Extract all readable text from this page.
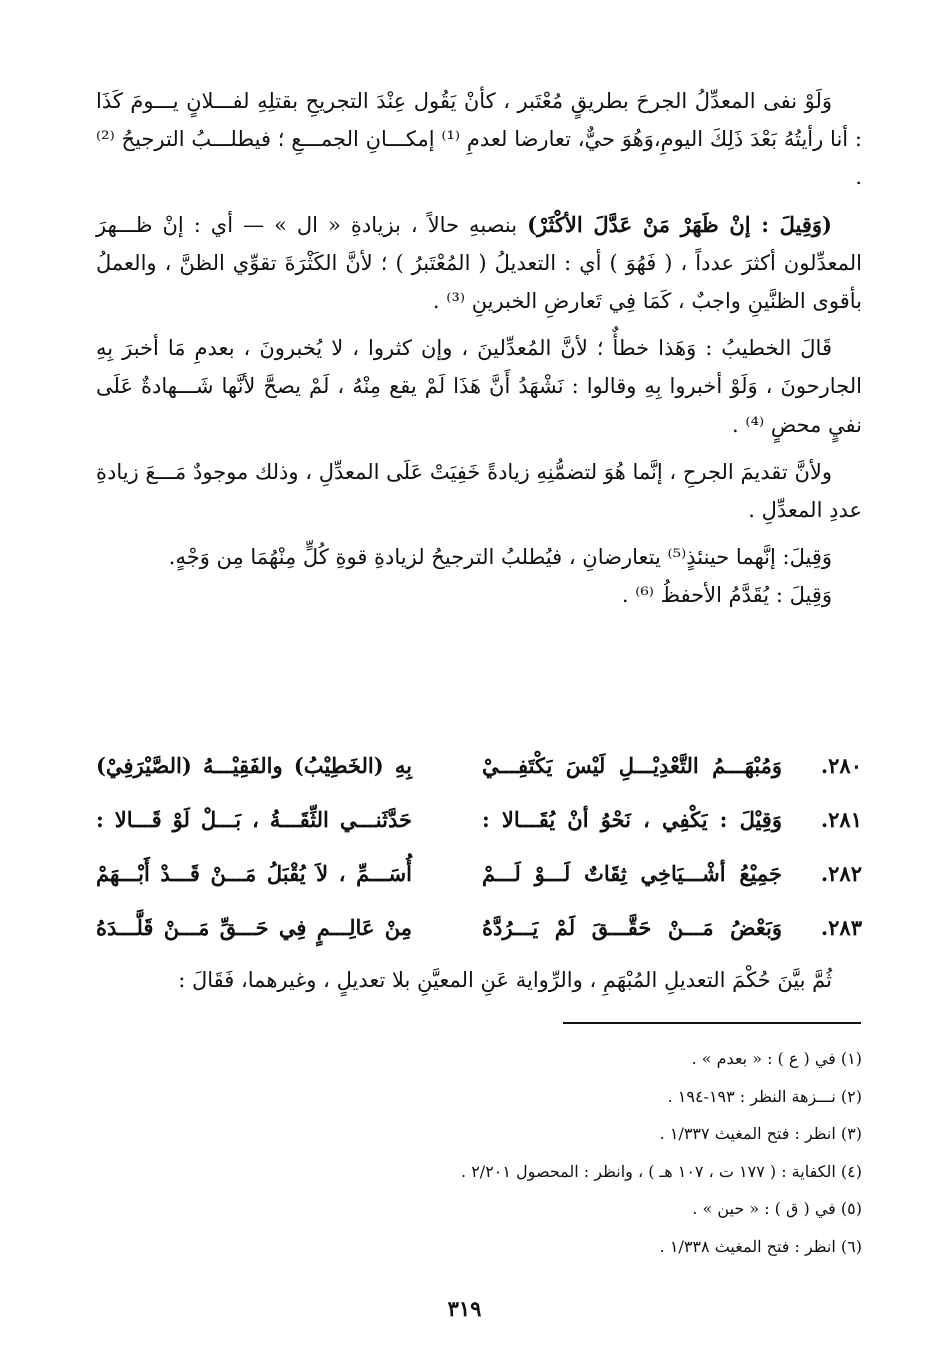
وَلَوْ نفى المعدِّلُ الجرحَ بطريقٍ مُعْتَبر ، كأنْ يَقُول عِنْدَ التجريحِ بقتلِهِ لفـــلانٍ يـــومَ كَذَا : أنا رأيتُهُ بَعْدَ ذَلِكَ اليومِ،وَهُوَ حيٌّ، تعارضا لعدمِ ⁽¹⁾ إمكـــانِ الجمـــعِ ؛ فيطلـــبُ الترجيحُ ⁽²⁾ .

(وَقِيلَ : إنْ ظَهَرْ مَنْ عَدَّلَ الأكْثَرْ) بنصبهِ حالاً ، بزيادةِ « ال » — أي : إنْ ظـــهرَ المعدِّلون أكثرَ عدداً ، ( فَهُوَ ) أي : التعديلُ ( المُعْتَبرُ ) ؛ لأنَّ الكَثْرَةَ تقوِّي الظنَّ ، والعملُ بأقوى الظنَّينِ واجبٌ ، كَمَا فِي تَعارضِ الخبرينِ ⁽³⁾ .

قَالَ الخطيبُ : وَهَذا خطأٌ ؛ لأنَّ المُعدِّلينَ ، وإن كثروا ، لا يُخبرونَ ، بعدمِ مَا أخبرَ بِهِ الجارحونَ ، وَلَوْ أخبروا بِهِ وقالوا : نَشْهَدُ أَنَّ هَذَا لَمْ يقع مِنْهُ ، لَمْ يصحَّ لأنَّها شَـــهادةٌ عَلَى نفيٍ محضٍ ⁽⁴⁾ .

ولأنَّ تقديمَ الجرحِ ، إنَّما هُوَ لتضمُّنِهِ زيادةً خَفِيَتْ عَلَى المعدِّلِ ، وذلك موجودٌ مَـــعَ زيادةِ عددِ المعدِّلِ .

وَقِيلَ: إنَّهما حينئذٍ⁽⁵⁾ يتعارضانِ ، فيُطلبُ الترجيحُ لزيادةِ قوةِ كُلٍّ مِنْهُمَا مِن وَجْهٍ.

وَقِيلَ : يُقَدَّمُ الأحفظُ ⁽⁶⁾ .

٢٨٠.
وَمُبْهَـــمُ التَّعْدِيْـــلِ لَيْسَ يَكْتَفِـــيْ
بِهِ (الخَطِيْبُ) والفَقِيْـــهُ (الصَّيْرَفِيْ)
٢٨١.
وَقِيْلَ : يَكْفِي ، نَحْوُ أنْ يُقَـــالا :
حَدَّثَنـــي الثِّقَـــةُ ، بَـــلْ لَوْ قَـــالا :
٢٨٢.
جَمِيْعُ أشْـــيَاخِي ثِقَاتٌ لَـــوْ لَـــمْ
أُسَـــمِّ ، لاَ يُقْبَلُ مَـــنْ قَـــدْ أَبْـــهَمْ
٢٨٣.
وَبَعْضُ مَـــنْ حَقَّـــقَ لَمْ يَـــرُدَّهُ
مِنْ عَالِـــمٍ فِي حَـــقِّ مَـــنْ قَلَّـــدَهُ
ثُمَّ بيَّنَ حُكْمَ التعديلِ المُبْهَمِ ، والرِّواية عَنِ المعيَّنِ بلا تعديلٍ ، وغيرهما، فَقَالَ :

(١) في ( ع ) : « بعدم » .

(٢) نـــزهة النظر : ١٩٣-١٩٤ .

(٣) انظر : فتح المغيث ١/٣٣٧ .

(٤) الكفاية : ( ١٧٧ ت ، ١٠٧ هـ ) ، وانظر : المحصول ٢/٢٠١ .

(٥) في ( ق ) : « حين » .

(٦) انظر : فتح المغيث ١/٣٣٨ .

٣١٩
